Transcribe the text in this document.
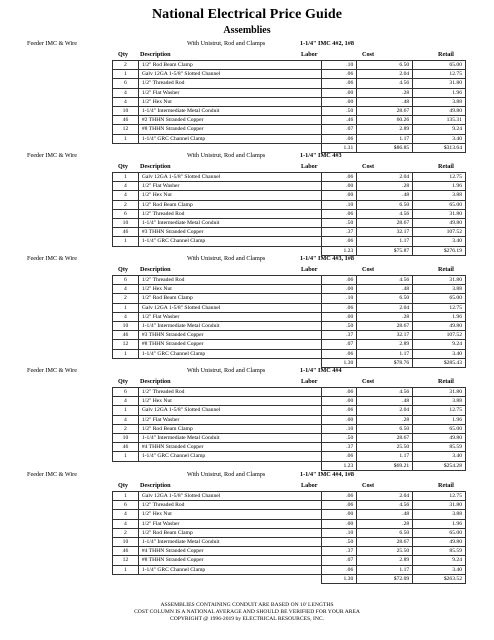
National Electrical Price Guide
Assemblies
Feeder IMC & Wire	With Unistrut, Rod and Clamps	1-1/4" IMC 4#2, 1#8
Qty Description	Labor	Cost	Retail
2	1/2" Rod Beam Clamp	.10	6.50	65.00
1	Galv 12GA 1-5/8" Slotted Channel	.06	2.04	12.75
6	1/2" Threaded Rod	.06	4.56	31.80
4	1/2" Flat Washer	.00	.28	1.96
4	1/2" Hex Nut	.00	.48	3.88
10	1-1/4" Intermediate Metal Conduit	.50	28.67	49.80
46	#2 THHN Stranded Copper	.46	60.26	135.31
12	#8 THHN Stranded Copper	.07	2.89	9.24
1	1-1/4" GRC Channel Clamp	.06	1.17	3.40
		1.31	$86.85	$313.64
Feeder IMC & Wire	With Unistrut, Rod and Clamps	1-1/4" IMC 4#3
Qty Description	Labor	Cost	Retail
1	Galv 12GA 1-5/8" Slotted Channel	.06	2.04	12.75
4	1/2" Flat Washer	.00	.28	1.96
4	1/2" Hex Nut	.00	.48	3.88
2	1/2" Rod Beam Clamp	.10	6.50	65.00
6	1/2" Threaded Rod	.06	4.56	31.80
10	1-1/4" Intermediate Metal Conduit	.50	28.67	49.80
46	#3 THHN Stranded Copper	.37	32.17	107.52
1	1-1/4" GRC Channel Clamp	.06	1.17	3.40
		1.23	$75.87	$276.19
Feeder IMC & Wire	With Unistrut, Rod and Clamps	1-1/4" IMC 4#3, 1#8
Qty Description	Labor	Cost	Retail
6	1/2" Threaded Rod	.06	4.56	31.80
4	1/2" Hex Nut	.00	.48	3.88
2	1/2" Rod Beam Clamp	.10	6.50	65.00
1	Galv 12GA 1-5/8" Slotted Channel	.06	2.04	12.75
4	1/2" Flat Washer	.00	.28	1.96
10	1-1/4" Intermediate Metal Conduit	.50	28.67	49.80
46	#3 THHN Stranded Copper	.37	32.17	107.52
12	#8 THHN Stranded Copper	.07	2.89	9.24
1	1-1/4" GRC Channel Clamp	.06	1.17	3.40
		1.30	$78.76	$285.43
Feeder IMC & Wire	With Unistrut, Rod and Clamps	1-1/4" IMC 4#4
Qty Description	Labor	Cost	Retail
6	1/2" Threaded Rod	.06	4.56	31.80
4	1/2" Hex Nut	.00	.48	3.88
1	Galv 12GA 1-5/8" Slotted Channel	.06	2.04	12.75
4	1/2" Flat Washer	.00	.28	1.96
2	1/2" Rod Beam Clamp	.10	6.50	65.00
10	1-1/4" Intermediate Metal Conduit	.50	28.67	49.80
46	#4 THHN Stranded Copper	.37	25.50	85.59
1	1-1/4" GRC Channel Clamp	.06	1.17	3.40
		1.23	$69.21	$254.28
Feeder IMC & Wire	With Unistrut, Rod and Clamps	1-1/4" IMC 4#4, 1#8
Qty Description	Labor	Cost	Retail
1	Galv 12GA 1-5/8" Slotted Channel	.06	2.04	12.75
6	1/2" Threaded Rod	.06	4.56	31.80
4	1/2" Hex Nut	.00	.48	3.88
4	1/2" Flat Washer	.00	.28	1.96
2	1/2" Rod Beam Clamp	.10	6.50	65.00
10	1-1/4" Intermediate Metal Conduit	.50	28.67	49.80
46	#4 THHN Stranded Copper	.37	25.50	85.59
12	#8 THHN Stranded Copper	.07	2.89	9.24
1	1-1/4" GRC Channel Clamp	.06	1.17	3.40
		1.30	$72.09	$263.52
ASSEMBLIES CONTAINING CONDUIT ARE BASED ON 10' LENGTHS
COST COLUMN IS A NATIONAL AVERAGE AND SHOULD BE VERIFIED FOR YOUR AREA
COPYRIGHT @ 1996-2019 by ELECTRICAL RESOURCES, INC.
